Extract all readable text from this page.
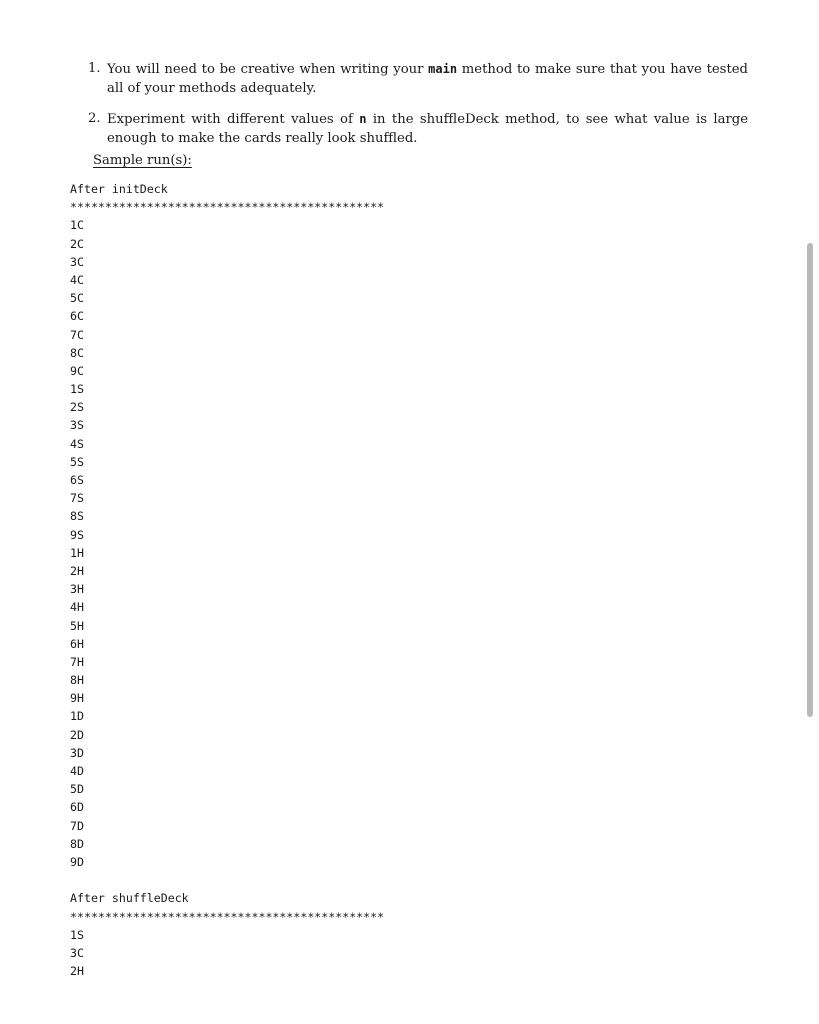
1. You will need to be creative when writing your main method to make sure that you have tested all of your methods adequately.
2. Experiment with different values of n in the shuffleDeck method, to see what value is large enough to make the cards really look shuffled.
Sample run(s):
After initDeck
*********************************************
1C
2C
3C
4C
5C
6C
7C
8C
9C
1S
2S
3S
4S
5S
6S
7S
8S
9S
1H
2H
3H
4H
5H
6H
7H
8H
9H
1D
2D
3D
4D
5D
6D
7D
8D
9D
After shuffleDeck
*********************************************
1S
3C
2H
